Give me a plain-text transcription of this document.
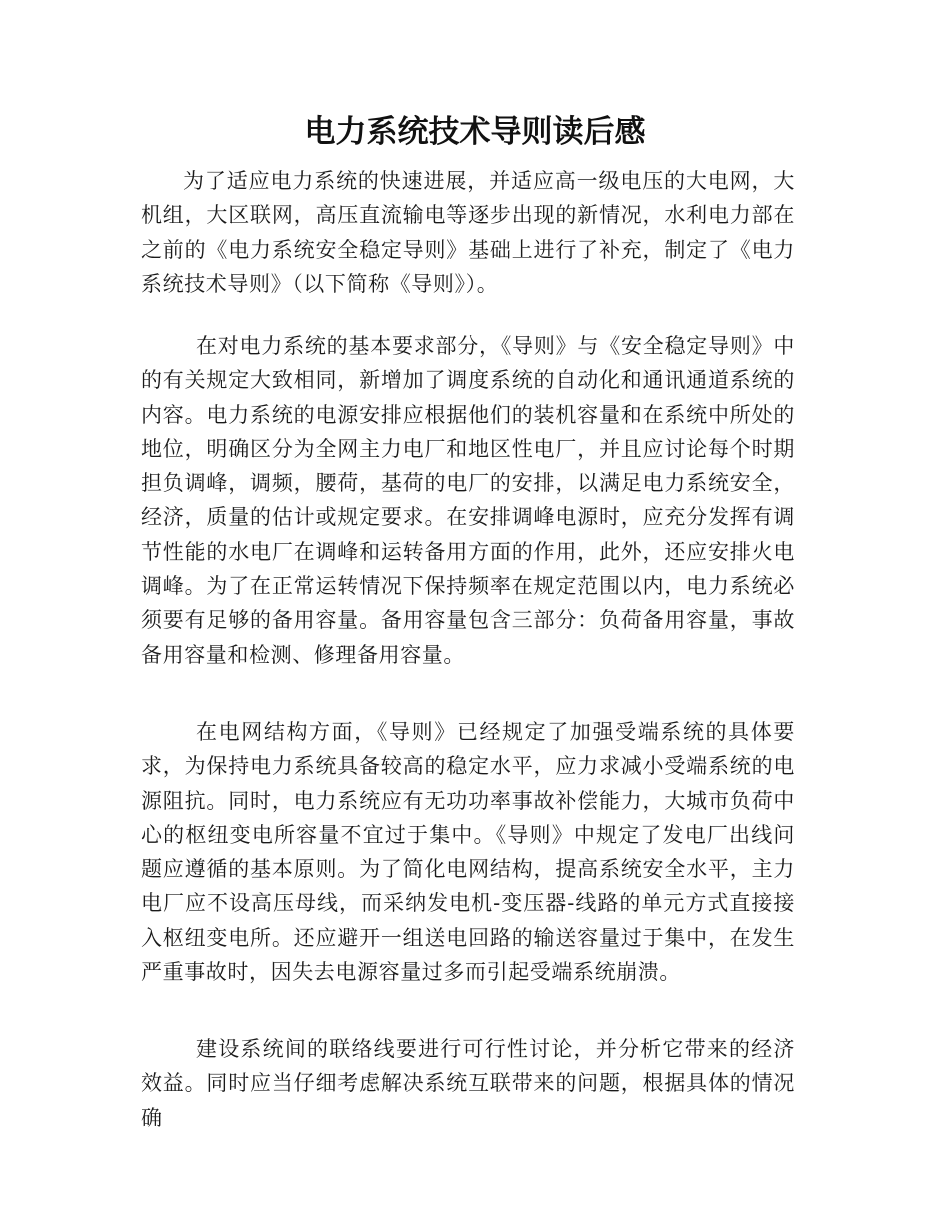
电力系统技术导则读后感

为了适应电力系统的快速进展，并适应高一级电压的大电网，大机组，大区联网，高压直流输电等逐步出现的新情况，水利电力部在之前的《电力系统安全稳定导则》基础上进行了补充，制定了《电力系统技术导则》（以下简称《导则》）。

在对电力系统的基本要求部分，《导则》与《安全稳定导则》中的有关规定大致相同，新增加了调度系统的自动化和通讯通道系统的内容。电力系统的电源安排应根据他们的装机容量和在系统中所处的地位，明确区分为全网主力电厂和地区性电厂，并且应讨论每个时期担负调峰，调频，腰荷，基荷的电厂的安排，以满足电力系统安全，经济，质量的估计或规定要求。在安排调峰电源时，应充分发挥有调节性能的水电厂在调峰和运转备用方面的作用，此外，还应安排火电调峰。为了在正常运转情况下保持频率在规定范围以内，电力系统必须要有足够的备用容量。备用容量包含三部分：负荷备用容量，事故备用容量和检测、修理备用容量。

在电网结构方面，《导则》已经规定了加强受端系统的具体要求，为保持电力系统具备较高的稳定水平，应力求减小受端系统的电源阻抗。同时，电力系统应有无功功率事故补偿能力，大城市负荷中心的枢纽变电所容量不宜过于集中。《导则》中规定了发电厂出线问题应遵循的基本原则。为了简化电网结构，提高系统安全水平，主力电厂应不设高压母线，而采纳发电机-变压器-线路的单元方式直接接入枢纽变电所。还应避开一组送电回路的输送容量过于集中，在发生严重事故时，因失去电源容量过多而引起受端系统崩溃。

建设系统间的联络线要进行可行性讨论，并分析它带来的经济效益。同时应当仔细考虑解决系统互联带来的问题，根据具体的情况确
